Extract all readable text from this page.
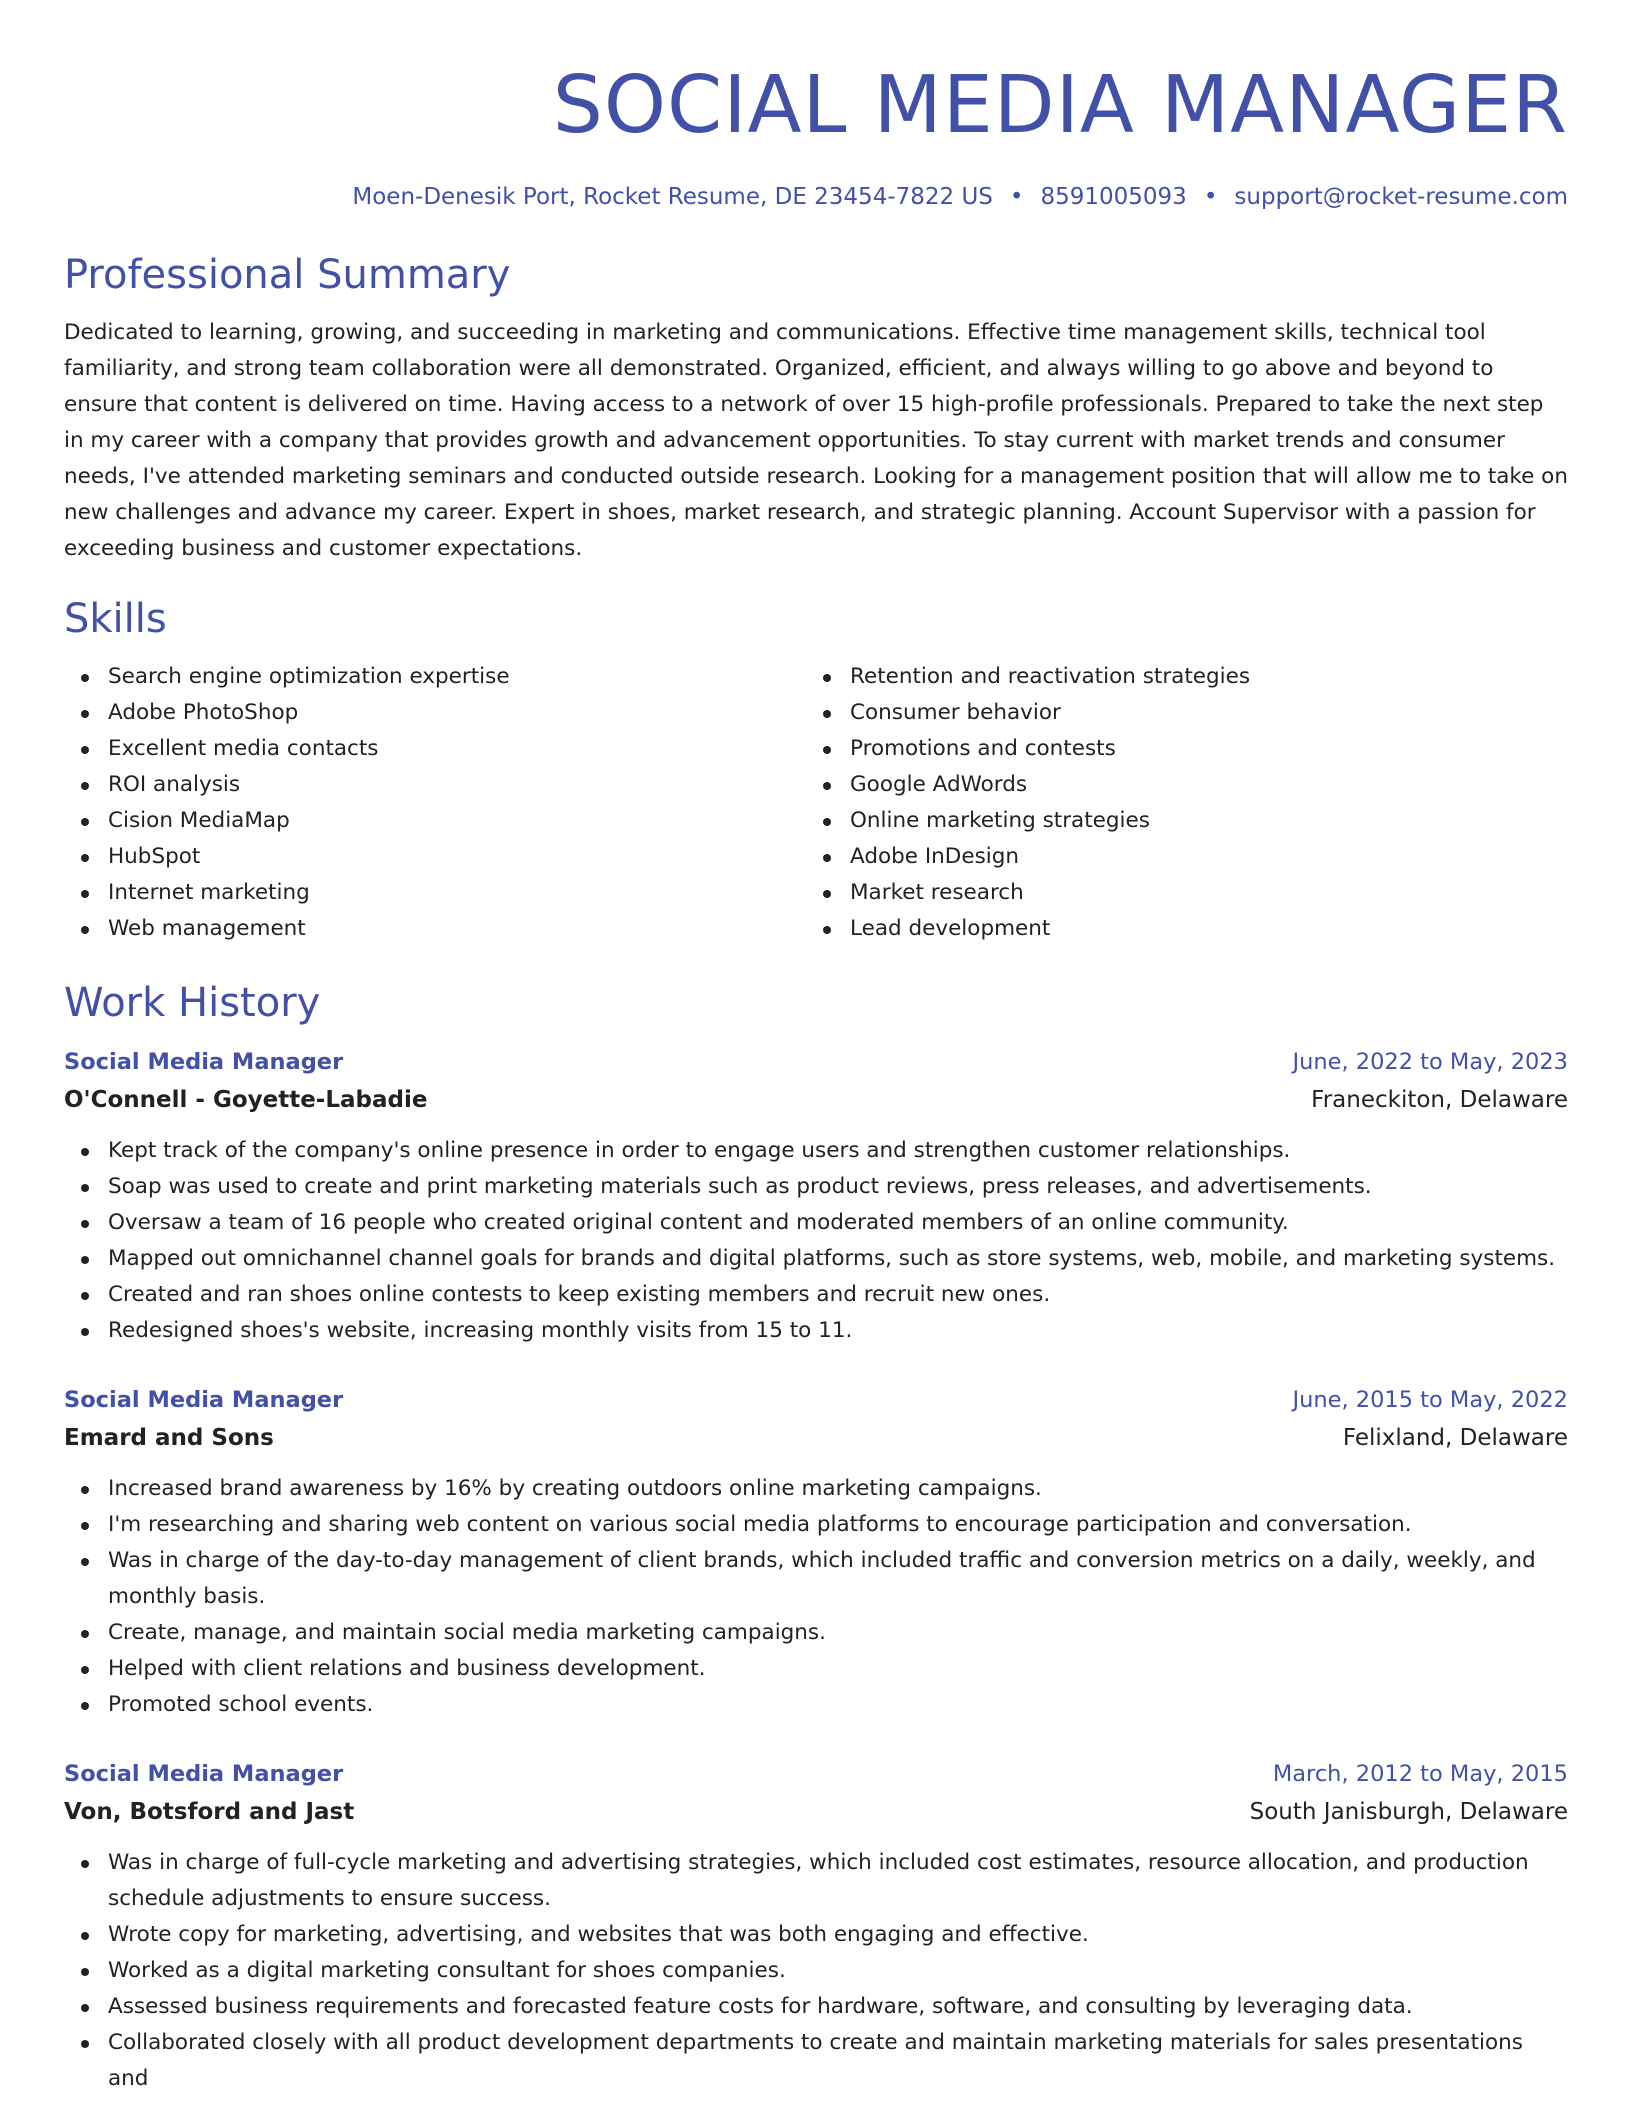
SOCIAL MEDIA MANAGER
Moen-Denesik Port, Rocket Resume, DE 23454-7822 US • 8591005093 • support@rocket-resume.com
Professional Summary

Dedicated to learning, growing, and succeeding in marketing and communications. Effective time management skills, technical tool familiarity, and strong team collaboration were all demonstrated. Organized, efficient, and always willing to go above and beyond to ensure that content is delivered on time. Having access to a network of over 15 high-profile professionals. Prepared to take the next step in my career with a company that provides growth and advancement opportunities. To stay current with market trends and consumer needs, I've attended marketing seminars and conducted outside research. Looking for a management position that will allow me to take on new challenges and advance my career. Expert in shoes, market research, and strategic planning. Account Supervisor with a passion for exceeding business and customer expectations.

Skills
Search engine optimization expertise
Adobe PhotoShop
Excellent media contacts
ROI analysis
Cision MediaMap
HubSpot
Internet marketing
Web management
Retention and reactivation strategies
Consumer behavior
Promotions and contests
Google AdWords
Online marketing strategies
Adobe InDesign
Market research
Lead development
Work History
Social Media Manager	June, 2022 to May, 2023
O'Connell - Goyette-Labadie	Franeckiton, Delaware
Kept track of the company's online presence in order to engage users and strengthen customer relationships.
Soap was used to create and print marketing materials such as product reviews, press releases, and advertisements.
Oversaw a team of 16 people who created original content and moderated members of an online community.
Mapped out omnichannel channel goals for brands and digital platforms, such as store systems, web, mobile, and marketing systems.
Created and ran shoes online contests to keep existing members and recruit new ones.
Redesigned shoes's website, increasing monthly visits from 15 to 11.
Social Media Manager	June, 2015 to May, 2022
Emard and Sons	Felixland, Delaware
Increased brand awareness by 16% by creating outdoors online marketing campaigns.
I'm researching and sharing web content on various social media platforms to encourage participation and conversation.
Was in charge of the day-to-day management of client brands, which included traffic and conversion metrics on a daily, weekly, and monthly basis.
Create, manage, and maintain social media marketing campaigns.
Helped with client relations and business development.
Promoted school events.
Social Media Manager	March, 2012 to May, 2015
Von, Botsford and Jast	South Janisburgh, Delaware
Was in charge of full-cycle marketing and advertising strategies, which included cost estimates, resource allocation, and production schedule adjustments to ensure success.
Wrote copy for marketing, advertising, and websites that was both engaging and effective.
Worked as a digital marketing consultant for shoes companies.
Assessed business requirements and forecasted feature costs for hardware, software, and consulting by leveraging data.
Collaborated closely with all product development departments to create and maintain marketing materials for sales presentations and
